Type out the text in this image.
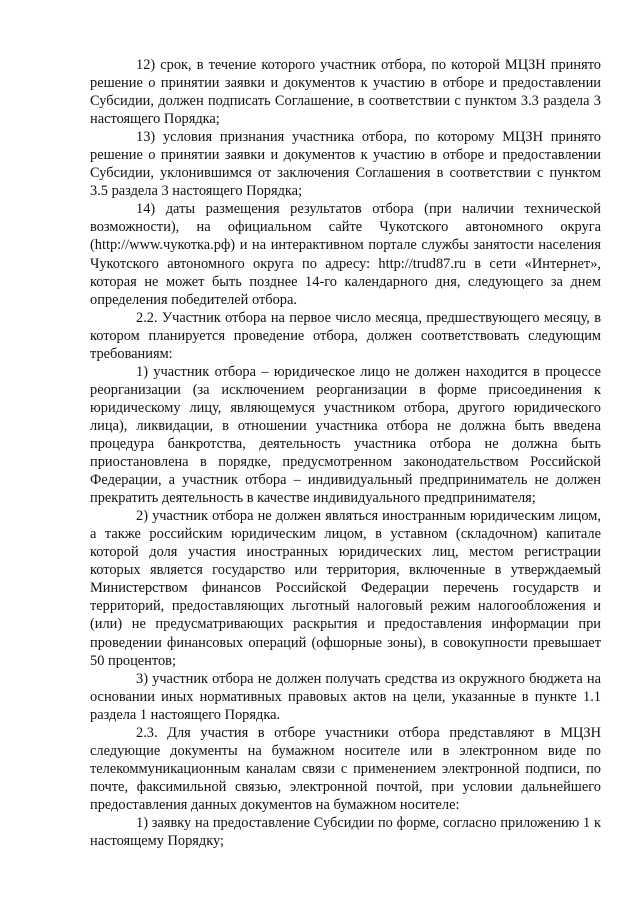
12) срок, в течение которого участник отбора, по которой МЦЗН принято решение о принятии заявки и документов к участию в отборе и предоставлении Субсидии, должен подписать Соглашение, в соответствии с пунктом 3.3 раздела 3 настоящего Порядка;

13) условия признания участника отбора, по которому МЦЗН принято решение о принятии заявки и документов к участию в отборе и предоставлении Субсидии, уклонившимся от заключения Соглашения в соответствии с пунктом 3.5 раздела 3 настоящего Порядка;

14) даты размещения результатов отбора (при наличии технической возможности), на официальном сайте Чукотского автономного округа (http://www.чукотка.рф) и на интерактивном портале службы занятости населения Чукотского автономного округа по адресу: http://trud87.ru в сети «Интернет», которая не может быть позднее 14-го календарного дня, следующего за днем определения победителей отбора.

2.2. Участник отбора на первое число месяца, предшествующего месяцу, в котором планируется проведение отбора, должен соответствовать следующим требованиям:

1) участник отбора – юридическое лицо не должен находится в процессе реорганизации (за исключением реорганизации в форме присоединения к юридическому лицу, являющемуся участником отбора, другого юридического лица), ликвидации, в отношении участника отбора не должна быть введена процедура банкротства, деятельность участника отбора не должна быть приостановлена в порядке, предусмотренном законодательством Российской Федерации, а участник отбора – индивидуальный предприниматель не должен прекратить деятельность в качестве индивидуального предпринимателя;

2) участник отбора не должен являться иностранным юридическим лицом, а также российским юридическим лицом, в уставном (складочном) капитале которой доля участия иностранных юридических лиц, местом регистрации которых является государство или территория, включенные в утверждаемый Министерством финансов Российской Федерации перечень государств и территорий, предоставляющих льготный налоговый режим налогообложения и (или) не предусматривающих раскрытия и предоставления информации при проведении финансовых операций (офшорные зоны), в совокупности превышает 50 процентов;

3) участник отбора не должен получать средства из окружного бюджета на основании иных нормативных правовых актов на цели, указанные в пункте 1.1 раздела 1 настоящего Порядка.

2.3. Для участия в отборе участники отбора представляют в МЦЗН следующие документы на бумажном носителе или в электронном виде по телекоммуникационным каналам связи с применением электронной подписи, по почте, факсимильной связью, электронной почтой, при условии дальнейшего предоставления данных документов на бумажном носителе:

1) заявку на предоставление Субсидии по форме, согласно приложению 1 к настоящему Порядку;
